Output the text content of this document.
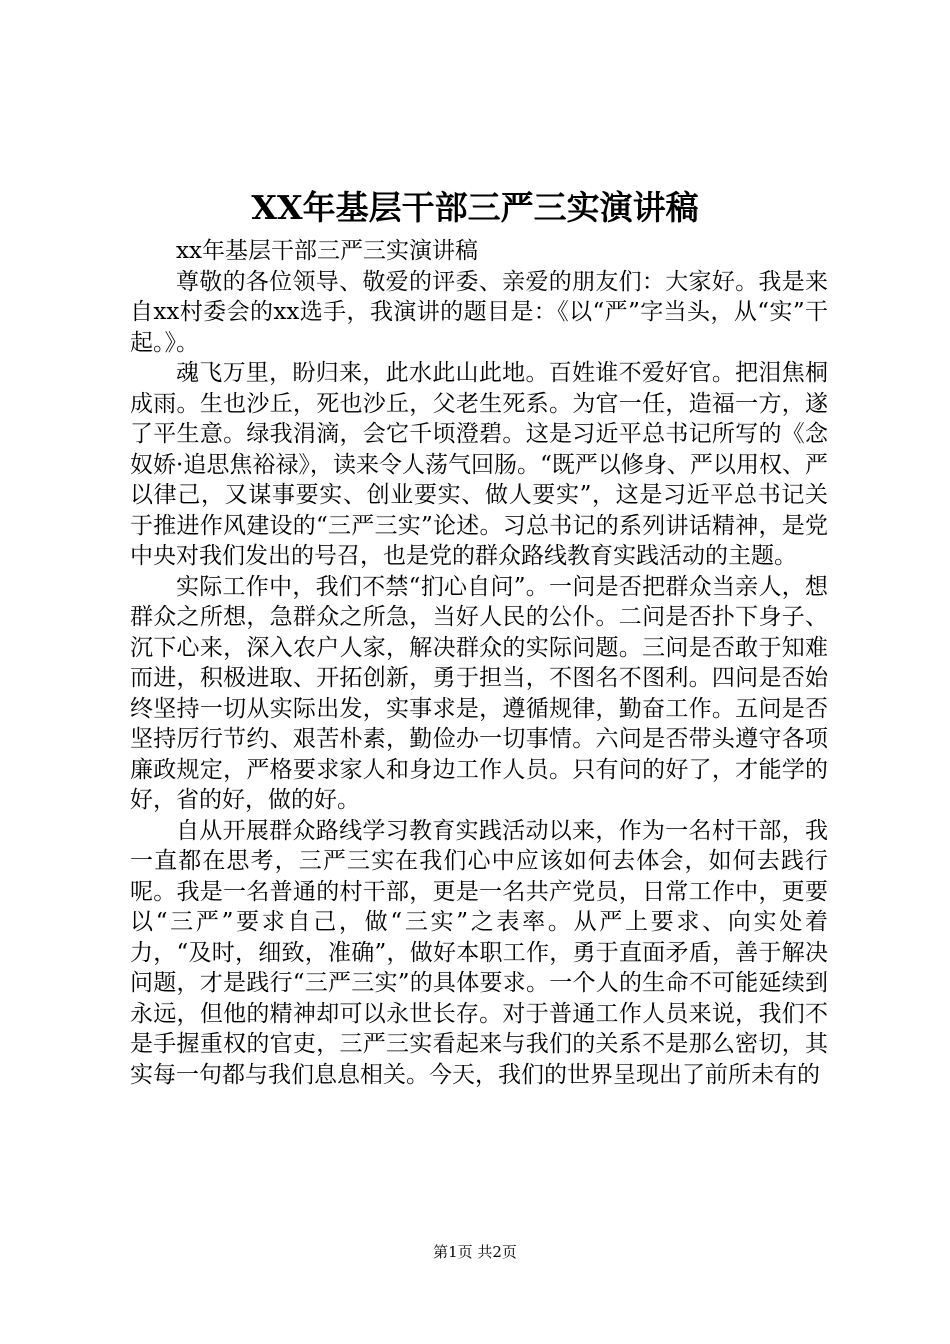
XX年基层干部三严三实演讲稿

xx年基层干部三严三实演讲稿

尊敬的各位领导、敬爱的评委、亲爱的朋友们：大家好。我是来自xx村委会的xx选手，我演讲的题目是：《以“严”字当头，从“实”干起。》。

魂飞万里，盼归来，此水此山此地。百姓谁不爱好官。把泪焦桐成雨。生也沙丘，死也沙丘，父老生死系。为官一任，造福一方，遂了平生意。绿我涓滴，会它千顷澄碧。这是习近平总书记所写的《念奴娇·追思焦裕禄》，读来令人荡气回肠。“既严以修身、严以用权、严以律己，又谋事要实、创业要实、做人要实”，这是习近平总书记关于推进作风建设的“三严三实”论述。习总书记的系列讲话精神，是党中央对我们发出的号召，也是党的群众路线教育实践活动的主题。

实际工作中，我们不禁“扪心自问”。一问是否把群众当亲人，想群众之所想，急群众之所急，当好人民的公仆。二问是否扑下身子、沉下心来，深入农户人家，解决群众的实际问题。三问是否敢于知难而进，积极进取、开拓创新，勇于担当，不图名不图利。四问是否始终坚持一切从实际出发，实事求是，遵循规律，勤奋工作。五问是否坚持厉行节约、艰苦朴素，勤俭办一切事情。六问是否带头遵守各项廉政规定，严格要求家人和身边工作人员。只有问的好了，才能学的好，省的好，做的好。

自从开展群众路线学习教育实践活动以来，作为一名村干部，我一直都在思考，三严三实在我们心中应该如何去体会，如何去践行呢。我是一名普通的村干部，更是一名共产党员，日常工作中，更要以“三严”要求自己，做“三实”之表率。从严上要求、向实处着力，“及时，细致，准确”，做好本职工作，勇于直面矛盾，善于解决问题，才是践行“三严三实”的具体要求。一个人的生命不可能延续到永远，但他的精神却可以永世长存。对于普通工作人员来说，我们不是手握重权的官吏，三严三实看起来与我们的关系不是那么密切，其实每一句都与我们息息相关。今天，我们的世界呈现出了前所未有的

第1页 共2页
